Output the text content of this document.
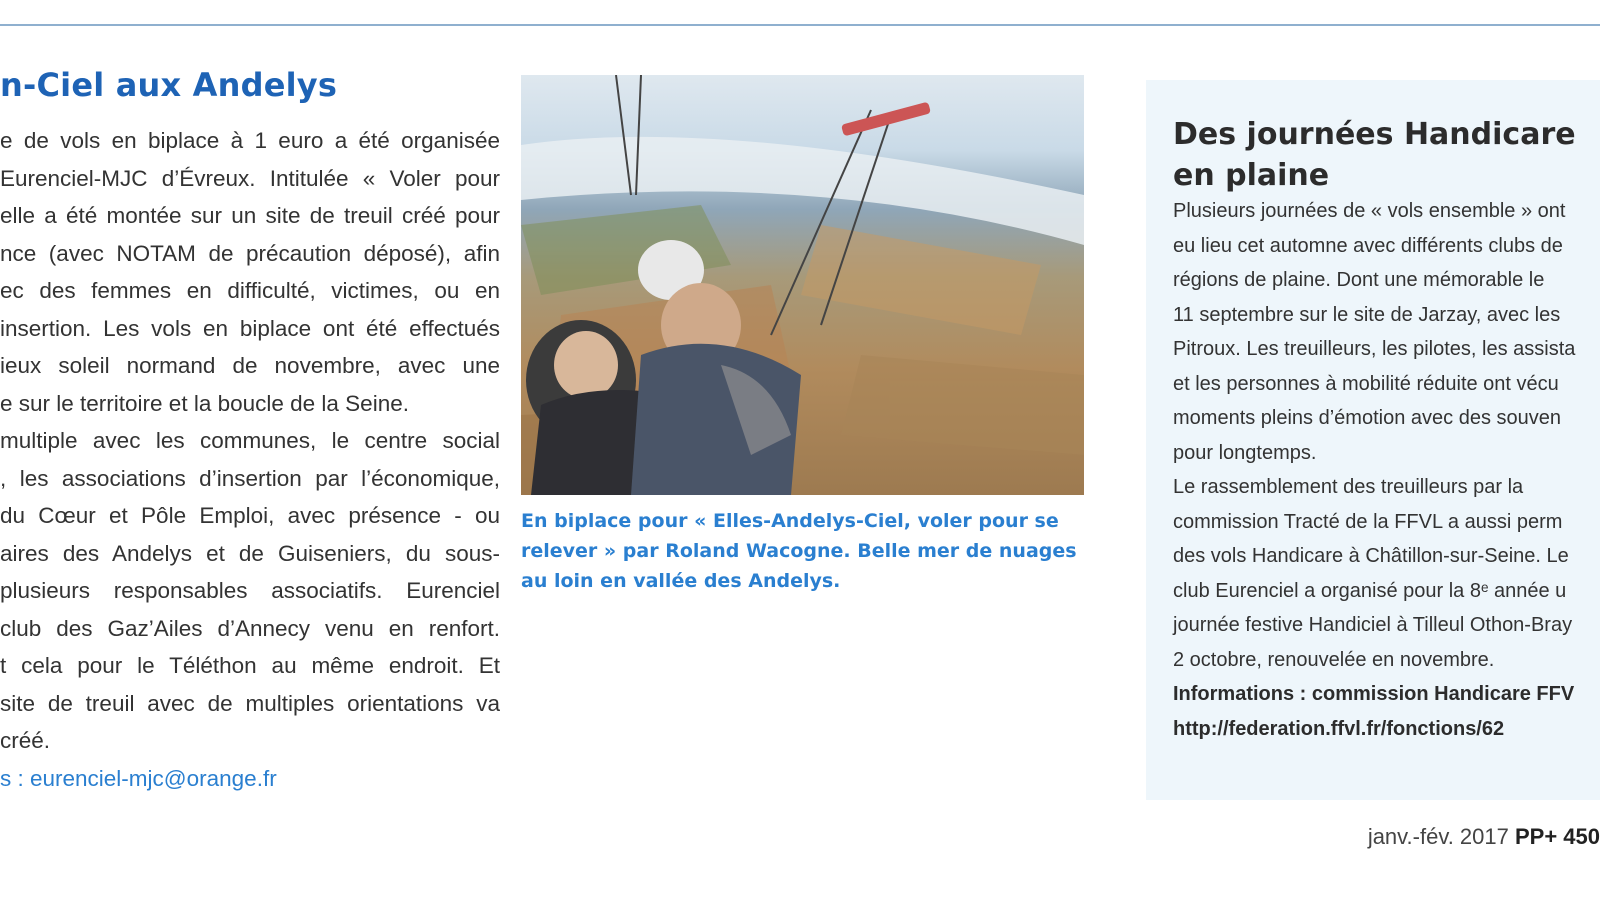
n-Ciel aux Andelys
e de vols en biplace à 1 euro a été organisée
Eurenciel-MJC d’Évreux. Intitulée « Voler pour
elle a été montée sur un site de treuil créé pour
nce (avec NOTAM de précaution déposé), afin
ec des femmes en difficulté, victimes, ou en
insertion. Les vols en biplace ont été effectués
ieux soleil normand de novembre, avec une
e sur le territoire et la boucle de la Seine.
multiple avec les communes, le centre social
, les associations d’insertion par l’économique,
du Cœur et Pôle Emploi, avec présence - ou
aires des Andelys et de Guiseniers, du sous-
plusieurs responsables associatifs. Eurenciel
club des Gaz’Ailes d’Annecy venu en renfort.
t cela pour le Téléthon au même endroit. Et
site de treuil avec de multiples orientations va
créé.
s : eurenciel-mjc@orange.fr
En biplace pour « Elles-Andelys-Ciel, voler pour se
relever » par Roland Wacogne. Belle mer de nuages
au loin en vallée des Andelys.
Des journées Handicare
en plaine
Plusieurs journées de « vols ensemble » ont
eu lieu cet automne avec différents clubs de
régions de plaine. Dont une mémorable le
11 septembre sur le site de Jarzay, avec les
Pitroux. Les treuilleurs, les pilotes, les assista
et les personnes à mobilité réduite ont vécu
moments pleins d’émotion avec des souven
pour longtemps.
Le rassemblement des treuilleurs par la
commission Tracté de la FFVL a aussi perm
des vols Handicare à Châtillon-sur-Seine. Le
club Eurenciel a organisé pour la 8ᵉ année u
journée festive Handiciel à Tilleul Othon-Bray
2 octobre, renouvelée en novembre.
Informations : commission Handicare FFV
http://federation.ffvl.fr/fonctions/62
janv.-fév. 2017 PP+ 450
